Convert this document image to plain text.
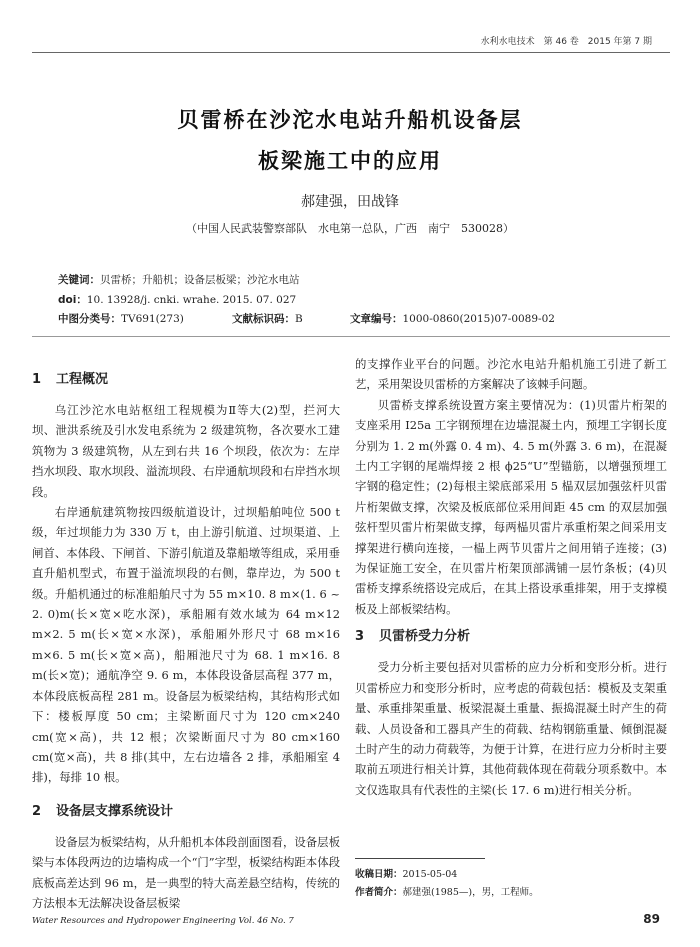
水利水电技术　第 46 卷　2015 年第 7 期
贝雷桥在沙沱水电站升船机设备层
板梁施工中的应用
郝建强，田战锋
（中国人民武装警察部队　水电第一总队，广西　南宁　530028）
关键词：贝雷桥；升船机；设备层板梁；沙沱水电站
doi：10. 13928/j. cnki. wrahe. 2015. 07. 027
中图分类号：TV691(273)	文献标识码：B	文章编号：1000-0860(2015)07-0089-02
1 工程概况

乌江沙沱水电站枢纽工程规模为Ⅱ等大(2)型，拦河大坝、泄洪系统及引水发电系统为 2 级建筑物，各次要水工建筑物为 3 级建筑物，从左到右共 16 个坝段，依次为：左岸挡水坝段、取水坝段、溢流坝段、右岸通航坝段和右岸挡水坝段。

右岸通航建筑物按四级航道设计，过坝船舶吨位 500 t 级，年过坝能力为 330 万 t，由上游引航道、过坝渠道、上闸首、本体段、下闸首、下游引航道及靠船墩等组成，采用垂直升船机型式，布置于溢流坝段的右侧，靠岸边，为 500 t 级。升船机通过的标准船舶尺寸为 55 m×10. 8 m×(1. 6 ~ 2. 0)m(长×宽×吃水深)，承船厢有效水域为 64 m×12 m×2. 5 m(长×宽×水深)，承船厢外形尺寸 68 m×16 m×6. 5 m(长×宽×高)，船厢池尺寸为 68. 1 m×16. 8 m(长×宽)；通航净空 9. 6 m，本体段设备层高程 377 m，本体段底板高程 281 m。设备层为板梁结构，其结构形式如下：楼板厚度 50 cm；主梁断面尺寸为 120 cm×240 cm(宽×高)，共 12 根；次梁断面尺寸为 80 cm×160 cm(宽×高)，共 8 排(其中，左右边墙各 2 排，承船厢室 4 排)，每排 10 根。

2 设备层支撑系统设计

设备层为板梁结构，从升船机本体段剖面图看，设备层板梁与本体段两边的边墙构成一个“门”字型，板梁结构距本体段底板高差达到 96 m，是一典型的特大高差悬空结构，传统的方法根本无法解决设备层板梁

的支撑作业平台的问题。沙沱水电站升船机施工引进了新工艺，采用架设贝雷桥的方案解决了该棘手问题。

贝雷桥支撑系统设置方案主要情况为：(1)贝雷片桁架的支座采用 I25a 工字钢预埋在边墙混凝土内，预埋工字钢长度分别为 1. 2 m(外露 0. 4 m)、4. 5 m(外露 3. 6 m)，在混凝土内工字钢的尾端焊接 2 根 ϕ25“U”型锚筋，以增强预埋工字钢的稳定性；(2)每根主梁底部采用 5 榀双层加强弦杆贝雷片桁架做支撑，次梁及板底部位采用间距 45 cm 的双层加强弦杆型贝雷片桁架做支撑，每两榀贝雷片承重桁架之间采用支撑架进行横向连接，一榀上两节贝雷片之间用销子连接；(3)为保证施工安全，在贝雷片桁架顶部满铺一层竹条板；(4)贝雷桥支撑系统搭设完成后，在其上搭设承重排架，用于支撑模板及上部板梁结构。

3 贝雷桥受力分析

受力分析主要包括对贝雷桥的应力分析和变形分析。进行贝雷桥应力和变形分析时，应考虑的荷载包括：模板及支架重量、承重排架重量、板梁混凝土重量、振捣混凝土时产生的荷载、人员设备和工器具产生的荷载、结构钢筋重量、倾倒混凝土时产生的动力荷载等，为便于计算，在进行应力分析时主要取前五项进行相关计算，其他荷载体现在荷载分项系数中。本文仅选取具有代表性的主梁(长 17. 6 m)进行相关分析。

收稿日期：2015-05-04
作者简介：郝建强(1985—)，男，工程师。
Water Resources and Hydropower Engineering Vol. 46 No. 7	89
